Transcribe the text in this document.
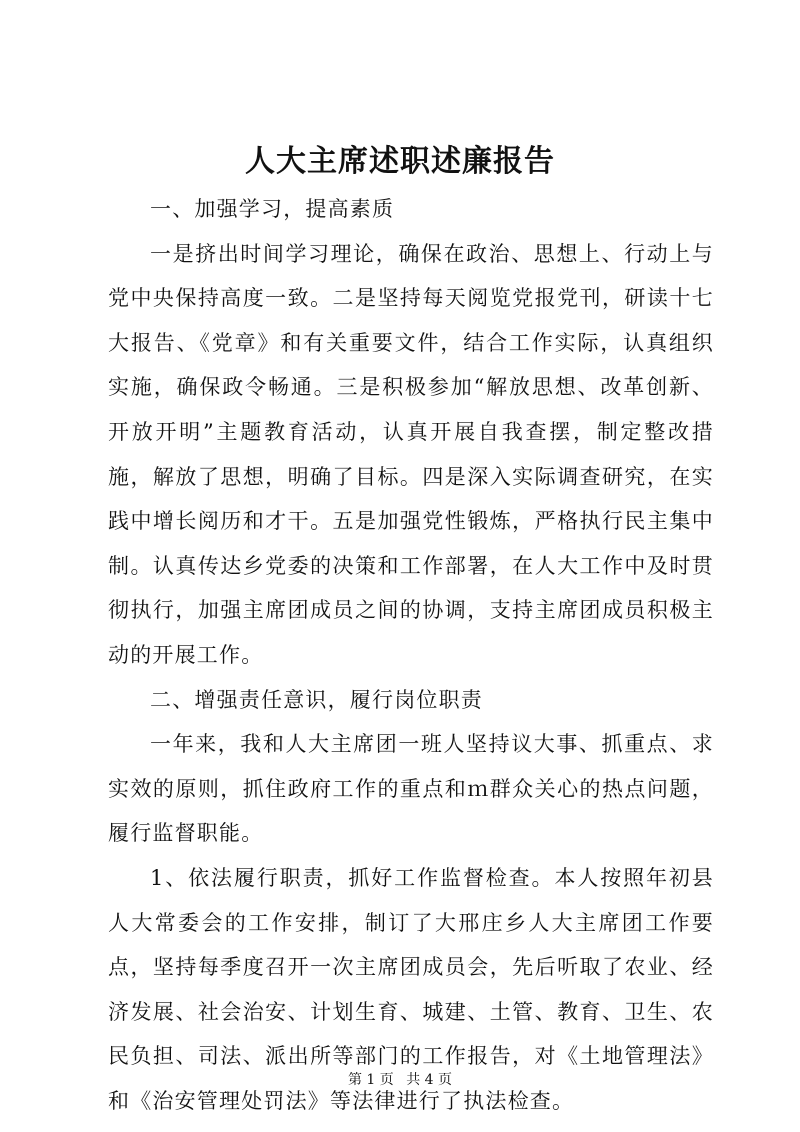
人大主席述职述廉报告

一、加强学习，提高素质

一是挤出时间学习理论，确保在政治、思想上、行动上与党中央保持高度一致。二是坚持每天阅览党报党刊，研读十七大报告、《党章》和有关重要文件，结合工作实际，认真组织实施，确保政令畅通。三是积极参加“解放思想、改革创新、开放开明”主题教育活动，认真开展自我查摆，制定整改措施，解放了思想，明确了目标。四是深入实际调查研究，在实践中增长阅历和才干。五是加强党性锻炼，严格执行民主集中制。认真传达乡党委的决策和工作部署，在人大工作中及时贯彻执行，加强主席团成员之间的协调，支持主席团成员积极主动的开展工作。

二、增强责任意识，履行岗位职责

一年来，我和人大主席团一班人坚持议大事、抓重点、求实效的原则，抓住政府工作的重点和ｍ群众关心的热点问题，履行监督职能。

1、依法履行职责，抓好工作监督检查。本人按照年初县人大常委会的工作安排，制订了大邢庄乡人大主席团工作要点，坚持每季度召开一次主席团成员会，先后听取了农业、经济发展、社会治安、计划生育、城建、土管、教育、卫生、农民负担、司法、派出所等部门的工作报告，对《土地管理法》和《治安管理处罚法》等法律进行了执法检查。

第 1 页 共 4 页
